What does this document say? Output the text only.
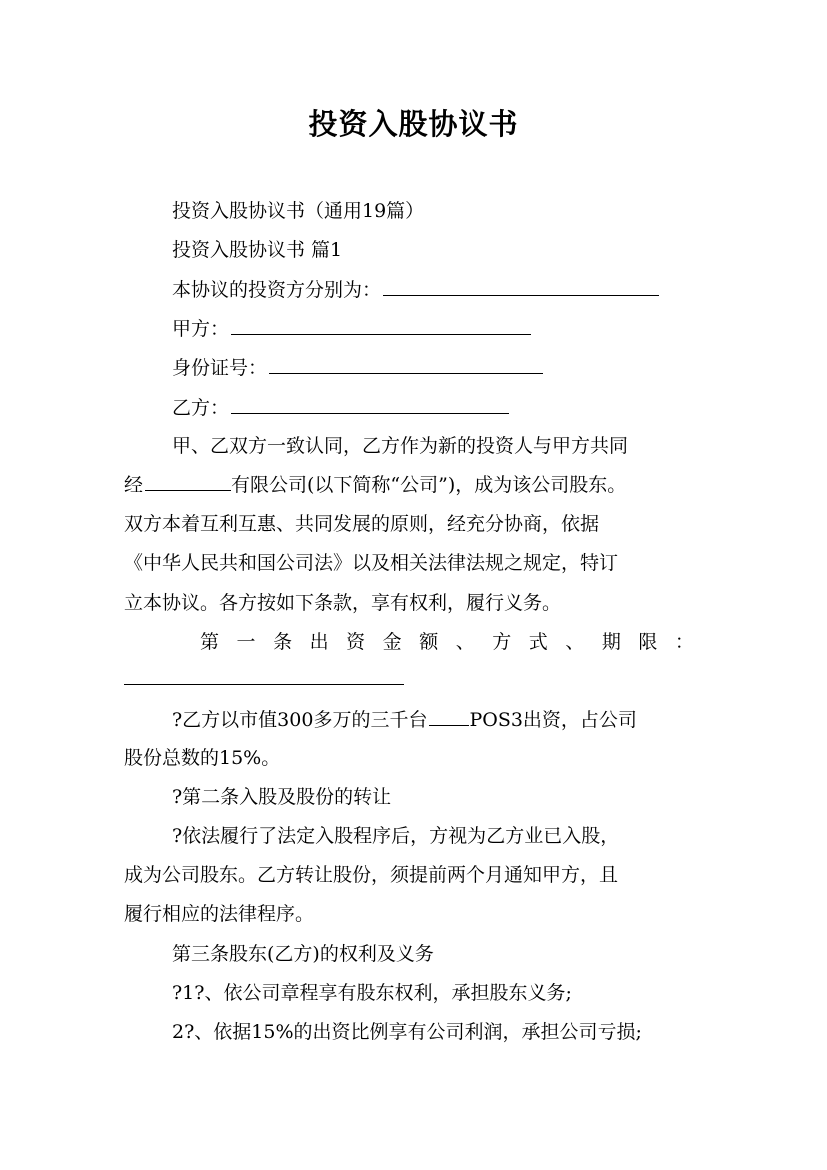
投资入股协议书
投资入股协议书（通用19篇）
投资入股协议书 篇1
本协议的投资方分别为：
甲方：
身份证号：
乙方：
甲、乙双方一致认同，乙方作为新的投资人与甲方共同
经	有限公司(以下简称“公司”)，成为该公司股东。
双方本着互利互惠、共同发展的原则，经充分协商，依据
《中华人民共和国公司法》以及相关法律法规之规定，特订
立本协议。各方按如下条款，享有权利，履行义务。
第 一 条 出 资 金 额 、 方 式 、 期 限 ：
?乙方以市值300多万的三千台 POS3出资，占公司
股份总数的15%。
?第二条入股及股份的转让
?依法履行了法定入股程序后，方视为乙方业已入股，
成为公司股东。乙方转让股份，须提前两个月通知甲方，且
履行相应的法律程序。
第三条股东(乙方)的权利及义务
?1?、依公司章程享有股东权利，承担股东义务;
2?、依据15%的出资比例享有公司利润，承担公司亏损;
